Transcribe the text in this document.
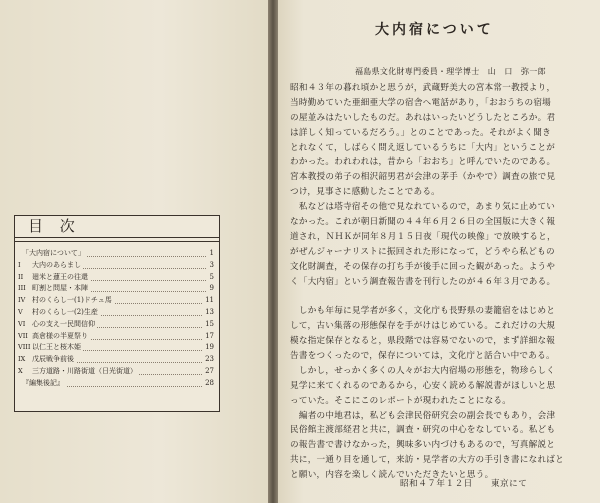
目 次
「大内宿について」	1
I	大内のあらまし	3
II	廻米と蓮王の往還	5
III 町割と問屋・本陣	9
IV 村のくらし一(1)ドチュ馬	11
V	村のくらし一(2)生産	13
VI 心の支え一民間信仰	15
VII 高倉様の半夏祭り	17
VIII 以仁王と桜木姫	19
IX 戊辰戦争前後	23
X	三方道路・川路街道（日光街道）	27
『編集後記』	28
大内宿について
福島県文化財専門委員・理学博士　山　口　弥一郎
昭和４３年の暮れ頃かと思うが，武蔵野美大の宮本常一教授より，
当時勤めていた亜細亜大学の宿舎へ電話があり，「おおうちの宿場
の屋並みはたいしたものだ。あれはいったいどうしたところか。君
は詳しく知っているだろう。」とのことであった。それがよく聞き
とれなくて，しばらく問え返しているうちに「大内」ということが
わかった。われわれは，昔から「おおち」と呼んでいたのである。
宮本教授の弟子の相沢韶男君が会津の茅手（かやで）調査の旅で見
つけ，見事さに感動したことである。
　私などは塔寺宿その他で見なれているので，あまり気に止めてい
なかった。これが朝日新聞の４４年６月２６日の全国版に大きく報
道され，ＮＨＫが同年８月１５日夜「現代の映像」で放映すると，
がぜんジャーナリストに振回された形になって，どうやら私どもの
文化財調査，その保存の打ち手が後手に回った観があった。ようや
く「大内宿」という調査報告書を刊行したのが４６年３月である。
　しかも年毎に見学者が多く，文化庁も長野県の妻籠宿をはじめと
して，古い集落の形態保存を手がけはじめている。これだけの大規
模な指定保存となると，県段階では容易でないので，まず詳細な報
告書をつくったので，保存については，文化庁と話合い中である。
　しかし，せっかく多くの人々がお大内宿場の形態を，物珍らしく
見学に来てくれるのであるから，心安く読める解説書がほしいと思
っていた。そこにこのレポートが現われたことになる。
　編者の中地君は，私ども会津民俗研究会の副会長でもあり，会津
民俗館主渡部経君と共に，調査・研究の中心をなしている。私ども
の報告書で書けなかった，興味多い内づけもあるので，写真解説と
共に，一通り目を通して，来訪・見学者の大方の手引き書になればと
と願い，内容を楽しく読んでいただきたいと思う。
昭和４７年１２日　　東京にて
